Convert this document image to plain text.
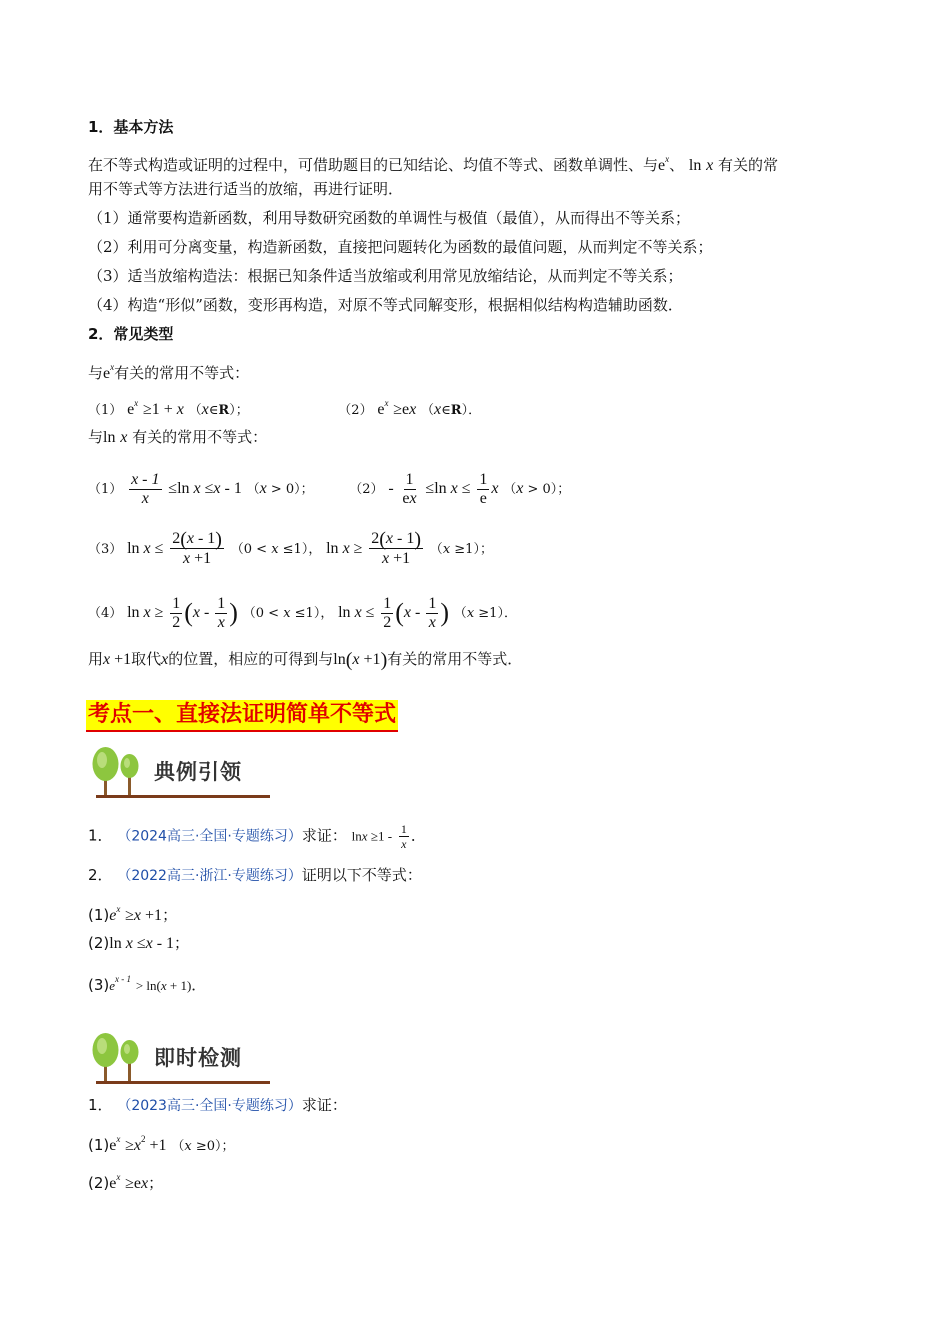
1．基本方法
在不等式构造或证明的过程中，可借助题目的已知结论、均值不等式、函数单调性、与$e^x$、 ln x 有关的常
用不等式等方法进行适当的放缩，再进行证明．
（1）通常要构造新函数，利用导数研究函数的单调性与极值（最值），从而得出不等关系；
（2）利用可分离变量，构造新函数，直接把问题转化为函数的最值问题，从而判定不等关系；
（3）适当放缩构造法：根据已知条件适当放缩或利用常见放缩结论，从而判定不等关系；
（4）构造“形似”函数，变形再构造，对原不等式同解变形，根据相似结构构造辅助函数．
2．常见类型
与$e^x$有关的常用不等式：
（1） $e^x \ge 1 + x$ （x∈R）；	（2） $e^x \ge ex$ （x∈R）．
与ln x 有关的常用不等式：
$(1) \frac{x - 1}{x} \le\ln$ x ≤x - 1 （x > 0）；	$(2) - \frac{1}{ex} \le\ln$ $x \le \frac{1}{e}$ x （x > 0）；
（3） $\ln x \le \frac{2(x - 1)}{x +1} (0 < x \le 1)$， $\ln x \ge \frac{2(x - 1)}{x +1} (x \ge 1)$；
（4） $\ln x \ge \frac{1}{2} (x - \frac{1}{x}$ ) （0 < x ≤1）， $\ln x \le \frac{1}{2} (x - \frac{1}{x}$ ) （x ≥1）．
用x +1取代x的位置，相应的可得到与ln(x +1)有关的常用不等式．
考点一、直接法证明简单不等式
典例引领
1． （2024高三·全国·专题练习）求证： $\ln x \ge 1 - \frac{1}{x}$ ．
2． （2022高三·浙江·专题练习）证明以下不等式：
$(1)e^x \ge x +1$；
(2)ln x ≤x - 1；
$(3)e^{x - 1} > \ln(x + 1)$．
即时检测
1． （2023高三·全国·专题练习）求证：
$(1)e^x \ge x^2 +1$ （x ≥0）；
$(2)e^x \ge ex$；
